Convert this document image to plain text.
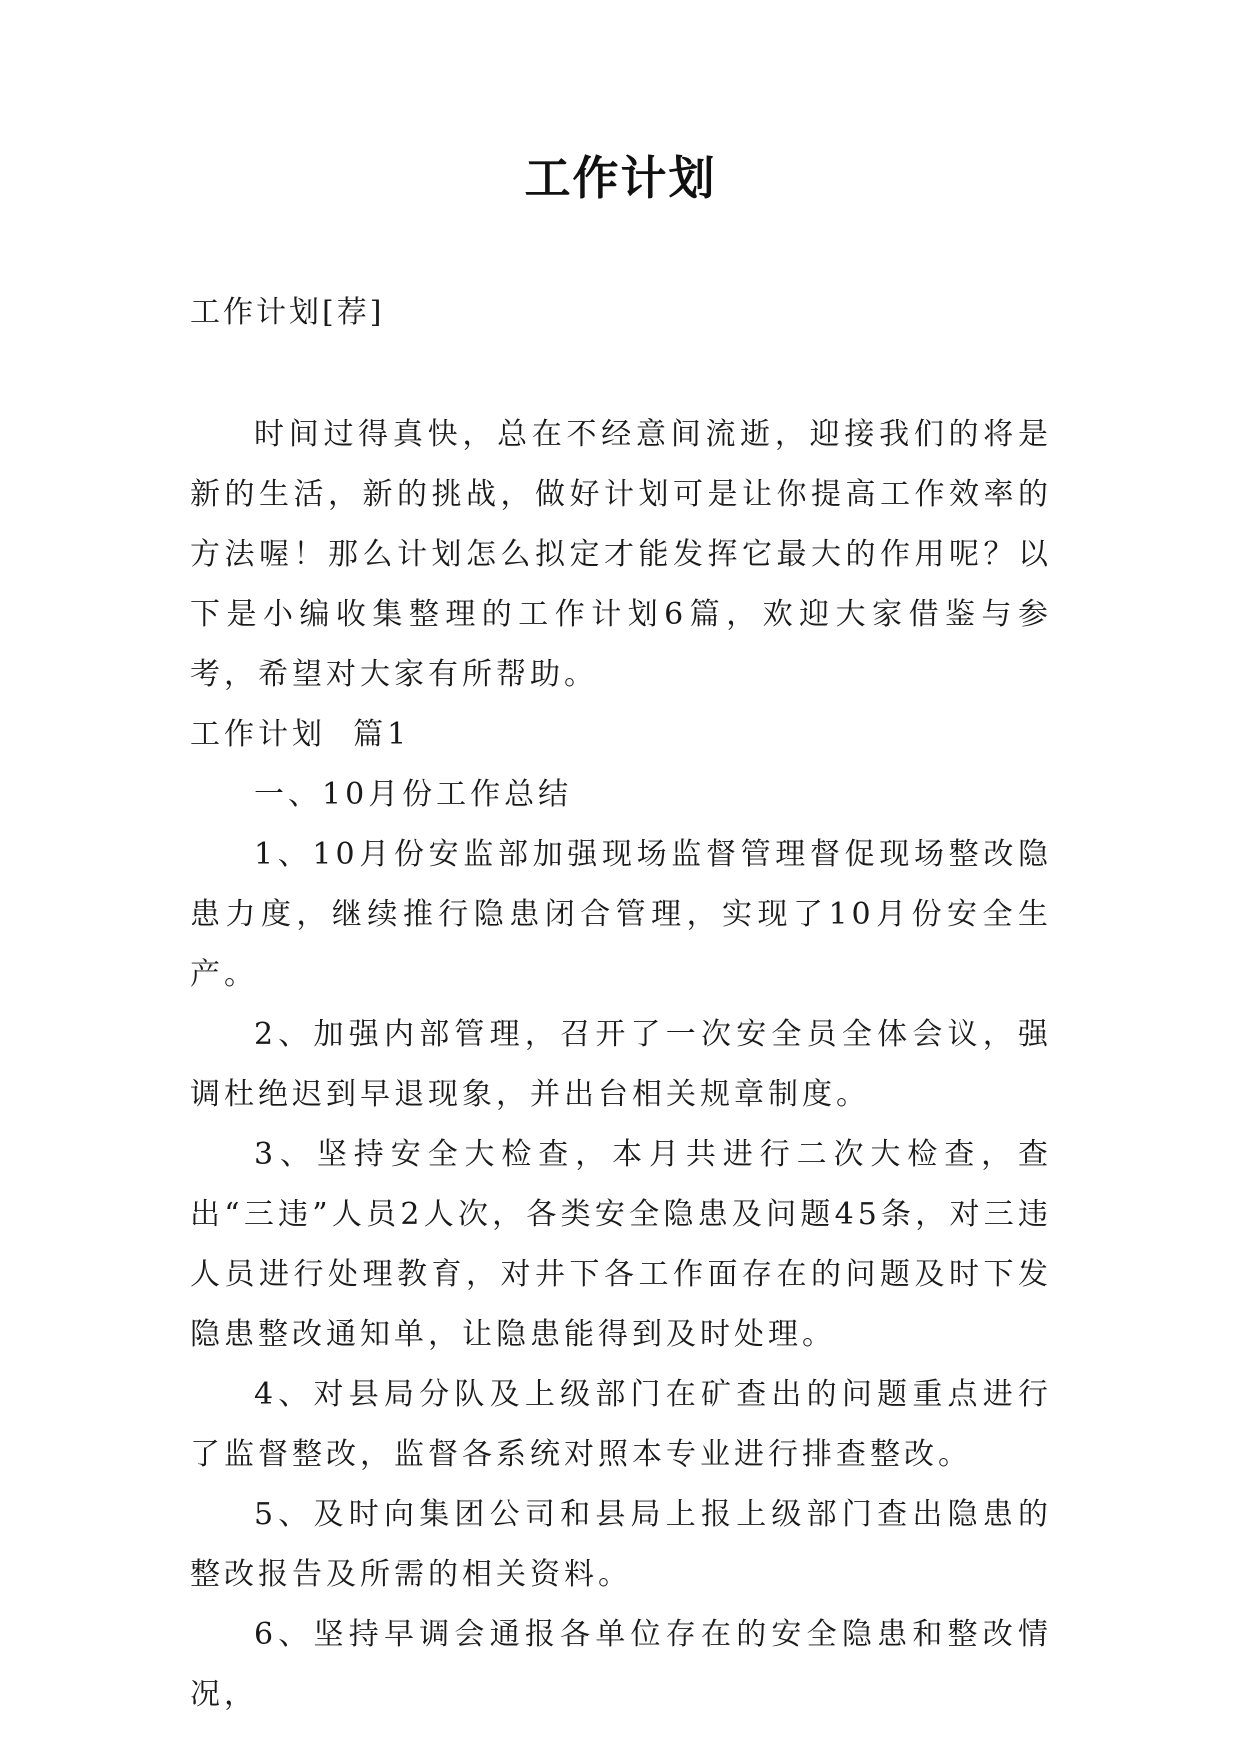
工作计划
工作计划[荐]

时间过得真快，总在不经意间流逝，迎接我们的将是新的生活，新的挑战，做好计划可是让你提高工作效率的方法喔！那么计划怎么拟定才能发挥它最大的作用呢？以下是小编收集整理的工作计划6篇，欢迎大家借鉴与参考，希望对大家有所帮助。

工作计划  篇1

一、10月份工作总结

1、10月份安监部加强现场监督管理督促现场整改隐患力度，继续推行隐患闭合管理，实现了10月份安全生产。

2、加强内部管理，召开了一次安全员全体会议，强调杜绝迟到早退现象，并出台相关规章制度。

3、坚持安全大检查，本月共进行二次大检查，查出“三违”人员2人次，各类安全隐患及问题45条，对三违人员进行处理教育，对井下各工作面存在的问题及时下发隐患整改通知单，让隐患能得到及时处理。

4、对县局分队及上级部门在矿查出的问题重点进行了监督整改，监督各系统对照本专业进行排查整改。

5、及时向集团公司和县局上报上级部门查出隐患的整改报告及所需的相关资料。

6、坚持早调会通报各单位存在的安全隐患和整改情况，
